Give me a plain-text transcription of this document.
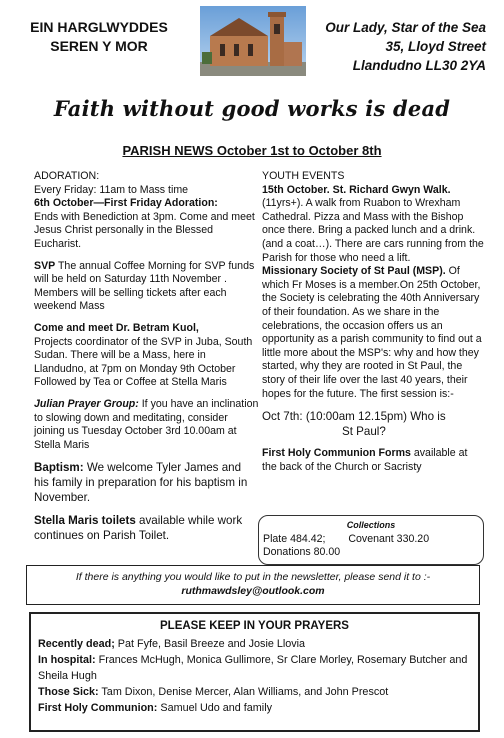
EIN HARGLWYDDES
SEREN Y MOR
Our Lady, Star of the Sea
35, Lloyd Street
Llandudno LL30 2YA
Faith without good works is dead
PARISH NEWS October 1st to October 8th

ADORATION:
Every Friday: 11am to Mass time
6th October—First Friday Adoration:
Ends with Benediction at 3pm. Come and meet Jesus Christ personally in the Blessed Eucharist.

SVP The annual Coffee Morning for SVP funds will be held on Saturday 11th November . Members will be selling tickets after each weekend Mass

Come and meet Dr. Betram Kuol,
Projects coordinator of the SVP in Juba, South Sudan. There will be a Mass, here in Llandudno, at 7pm on Monday 9th October Followed by Tea or Coffee at Stella Maris

Julian Prayer Group: If you have an inclination to slowing down and meditating, consider joining us Tuesday October 3rd 10.00am at Stella Maris

Baptism: We welcome Tyler James and his family in preparation for his baptism in November.

Stella Maris toilets available while work continues on Parish Toilet.

YOUTH EVENTS
15th October. St. Richard Gwyn Walk. (11yrs+). A walk from Ruabon to Wrexham Cathedral. Pizza and Mass with the Bishop once there. Bring a packed lunch and a drink. (and a coat…). There are cars running from the Parish for those who need a lift.
Missionary Society of St Paul (MSP). Of which Fr Moses is a member.On 25th October, the Society is celebrating the 40th Anniversary of their foundation. As we share in the celebrations, the occasion offers us an opportunity as a parish community to find out a little more about the MSP's: why and how they started, why they are rooted in St Paul, the story of their life over the last 40 years, their hopes for the future. The first session is:-

Oct 7th: (10:00am 12.15pm) Who is
St Paul?

First Holy Communion Forms available at the back of the Church or Sacristy

Collections
Plate 484.42; Covenant 330.20
Donations 80.00
If there is anything you would like to put in the newsletter, please send it to :-
ruthmawdsley@outlook.com
PLEASE KEEP IN YOUR PRAYERS
Recently dead; Pat Fyfe, Basil Breeze and Josie Llovia
In hospital: Frances McHugh, Monica Gullimore, Sr Clare Morley, Rosemary Butcher and Sheila Hugh
Those Sick: Tam Dixon, Denise Mercer, Alan Williams, and John Prescot
First Holy Communion: Samuel Udo and family
